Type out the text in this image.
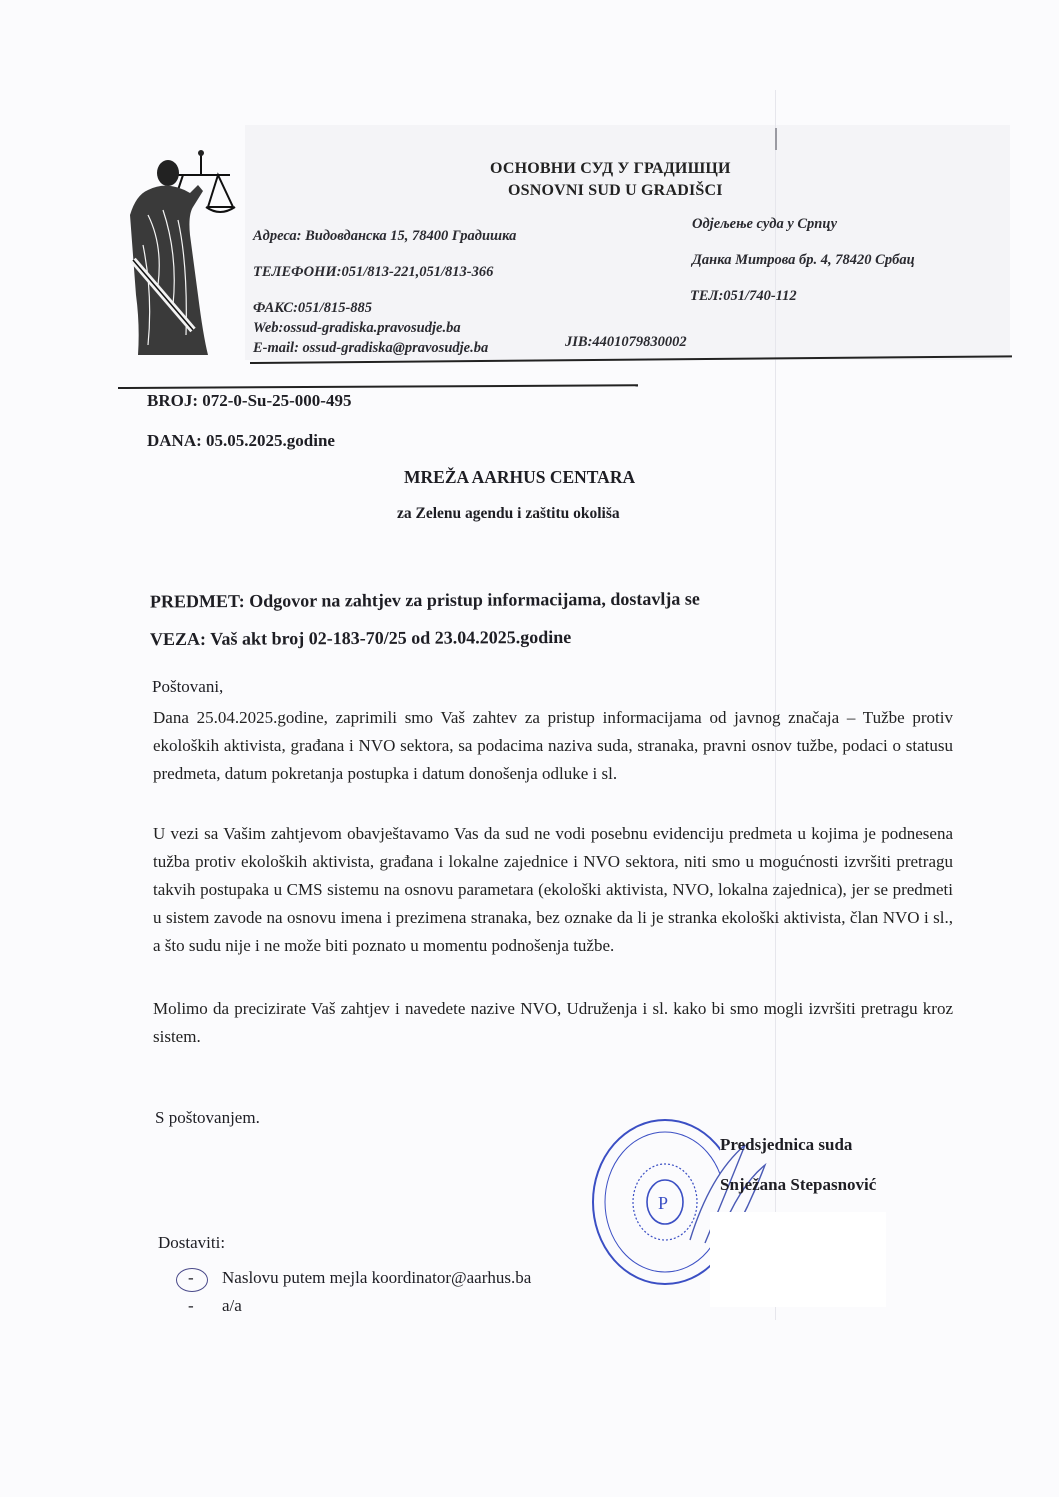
ОСНОВНИ СУД У ГРАДИШЦИ
OSNOVNI SUD U GRADIŠCI
Адреса: Видовданска 15, 78400 Градишка
ТЕЛЕФОНИ:051/813-221,051/813-366
ФАКС:051/815-885
Web:ossud-gradiska.pravosudje.ba
E-mail: ossud-gradiska@pravosudje.ba	JIB:4401079830002
Одјељење суда у Српцу
Данка Митрова бр. 4, 78420 Србац
ТЕЛ:051/740-112
BROJ: 072-0-Su-25-000-495
DANA: 05.05.2025.godine
MREŽA AARHUS CENTARA
za Zelenu agendu i zaštitu okoliša
PREDMET: Odgovor na zahtjev za pristup informacijama, dostavlja se
VEZA: Vaš akt broj 02-183-70/25 od 23.04.2025.godine
Poštovani,
Dana 25.04.2025.godine, zaprimili smo Vaš zahtev za pristup informacijama od javnog značaja – Tužbe protiv ekoloških aktivista, građana i NVO sektora, sa podacima naziva suda, stranaka, pravni osnov tužbe, podaci o statusu predmeta, datum pokretanja postupka i datum donošenja odluke i sl.
U vezi sa Vašim zahtjevom obavještavamo Vas da sud ne vodi posebnu evidenciju predmeta u kojima je podnesena tužba protiv ekoloških aktivista, građana i lokalne zajednice i NVO sektora, niti smo u mogućnosti izvršiti pretragu takvih postupaka u CMS sistemu na osnovu parametara (ekološki aktivista, NVO, lokalna zajednica), jer se predmeti u sistem zavode na osnovu imena i prezimena stranaka, bez oznake da li je stranka ekološki aktivista, član NVO i sl., a što sudu nije i ne može biti poznato u momentu podnošenja tužbe.
Molimo da precizirate Vaš zahtjev i navedete nazive NVO, Udruženja i sl. kako bi smo mogli izvršiti pretragu kroz sistem.
S poštovanjem.
P
Predsjednica suda
Snježana Stepasnović
Dostaviti:
- Naslovu putem mejla koordinator@aarhus.ba
- a/a
